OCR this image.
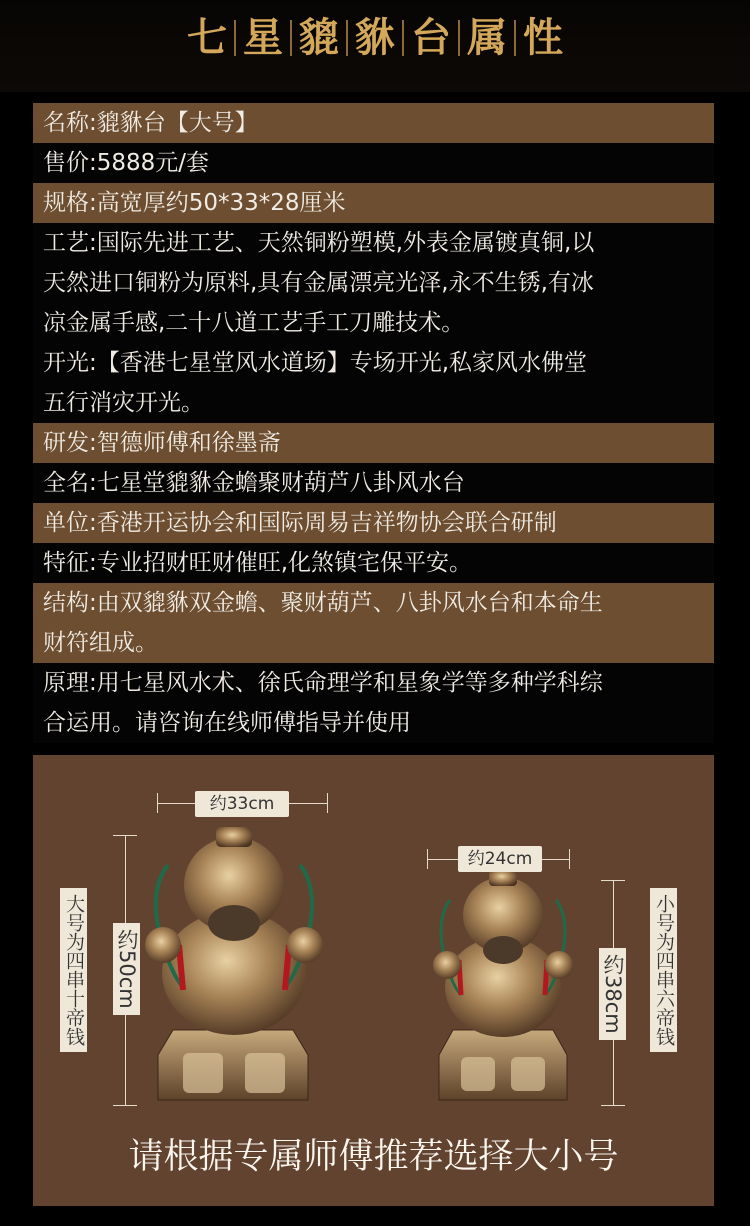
七 星 貔 貅 台 属 性
名称:貔貅台【大号】
售价:5888元/套
规格:高宽厚约50*33*28厘米
工艺:国际先进工艺、天然铜粉塑模,外表金属镀真铜,以
天然进口铜粉为原料,具有金属漂亮光泽,永不生锈,有冰
凉金属手感,二十八道工艺手工刀雕技术。
开光:【香港七星堂风水道场】专场开光,私家风水佛堂
五行消灾开光。
研发:智德师傅和徐墨斋
全名:七星堂貔貅金蟾聚财葫芦八卦风水台
单位:香港开运协会和国际周易吉祥物协会联合研制
特征:专业招财旺财催旺,化煞镇宅保平安。
结构:由双貔貅双金蟾、聚财葫芦、八卦风水台和本命生
财符组成。
原理:用七星风水术、徐氏命理学和星象学等多种学科综
合运用。请咨询在线师傅指导并使用
约33cm
约50cm
大号为四串十帝钱
约24cm
约38cm 小号为四串六帝钱
请根据专属师傅推荐选择大小号
